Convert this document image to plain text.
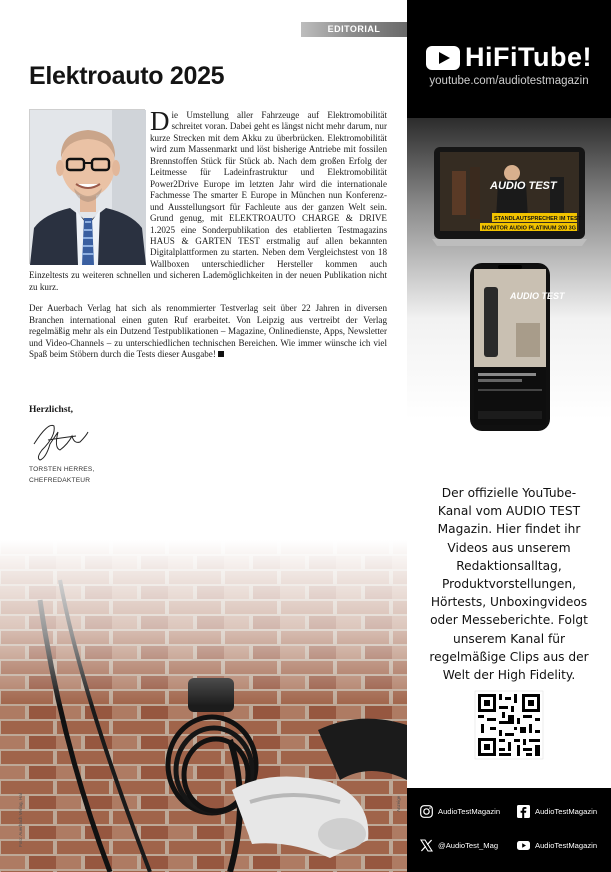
EDITORIAL
Elektroauto 2025

Die Umstellung aller Fahrzeuge auf Elektromobilität schreitet voran. Dabei geht es längst nicht mehr darum, nur kurze Strecken mit dem Akku zu überbrücken. Elektromobilität wird zum Massenmarkt und löst bisherige Antriebe mit fossilen Brennstoffen Stück für Stück ab. Nach dem großen Erfolg der Leitmesse für Ladeinfrastruktur und Elektromobilität Power2Drive Europe im letzten Jahr wird die internationale Fachmesse The smarter E Europe in München nun Konferenz- und Ausstellungsort für Fachleute aus der ganzen Welt sein. Grund genug, mit ELEKTROAUTO CHARGE & DRIVE 1.2025 eine Sonderpublikation des etablierten Testmagazins HAUS & GARTEN TEST erstmalig auf allen bekannten Digitalplattformen zu starten. Neben dem Vergleichstest von 18 Wallboxen unterschiedlicher Hersteller kommen auch Einzeltests zu weiteren schnellen und sicheren Lademöglichkeiten in der neuen Publikation nicht zu kurz.

Der Auerbach Verlag hat sich als renommierter Testverlag seit über 22 Jahren in diversen Branchen international einen guten Ruf erarbeitet. Von Leipzig aus vertreibt der Verlag regelmäßig mehr als ein Dutzend Testpublikationen – Magazine, Onlinedienste, Apps, Newsletter und Video-Channels – zu unterschiedlichen technischen Bereichen. Wie immer wünsche ich viel Spaß beim Stöbern durch die Tests dieser Ausgabe!

Herzlichst,
TORSTEN HERRES,
CHEFREDAKTEUR
Foto: Auerbach Verlag, Hal	Anzeige
HiFiTube!
youtube.com/audiotestmagazin
AUDIO TEST
STANDLAUTSPRECHER IM TEST
MONITOR AUDIO PLATINUM 200 3G
AUDIO TEST
Der offizielle YouTube-Kanal vom AUDIO TEST Magazin. Hier findet ihr Videos aus unserem Redaktionsalltag, Produktvorstellungen, Hörtests, Unboxingvideos oder Messeberichte. Folgt unserem Kanal für regelmäßige Clips aus der Welt der High Fidelity.
AudioTestMagazin	AudioTestMagazin
@AudioTest_Mag	AudioTestMagazin
